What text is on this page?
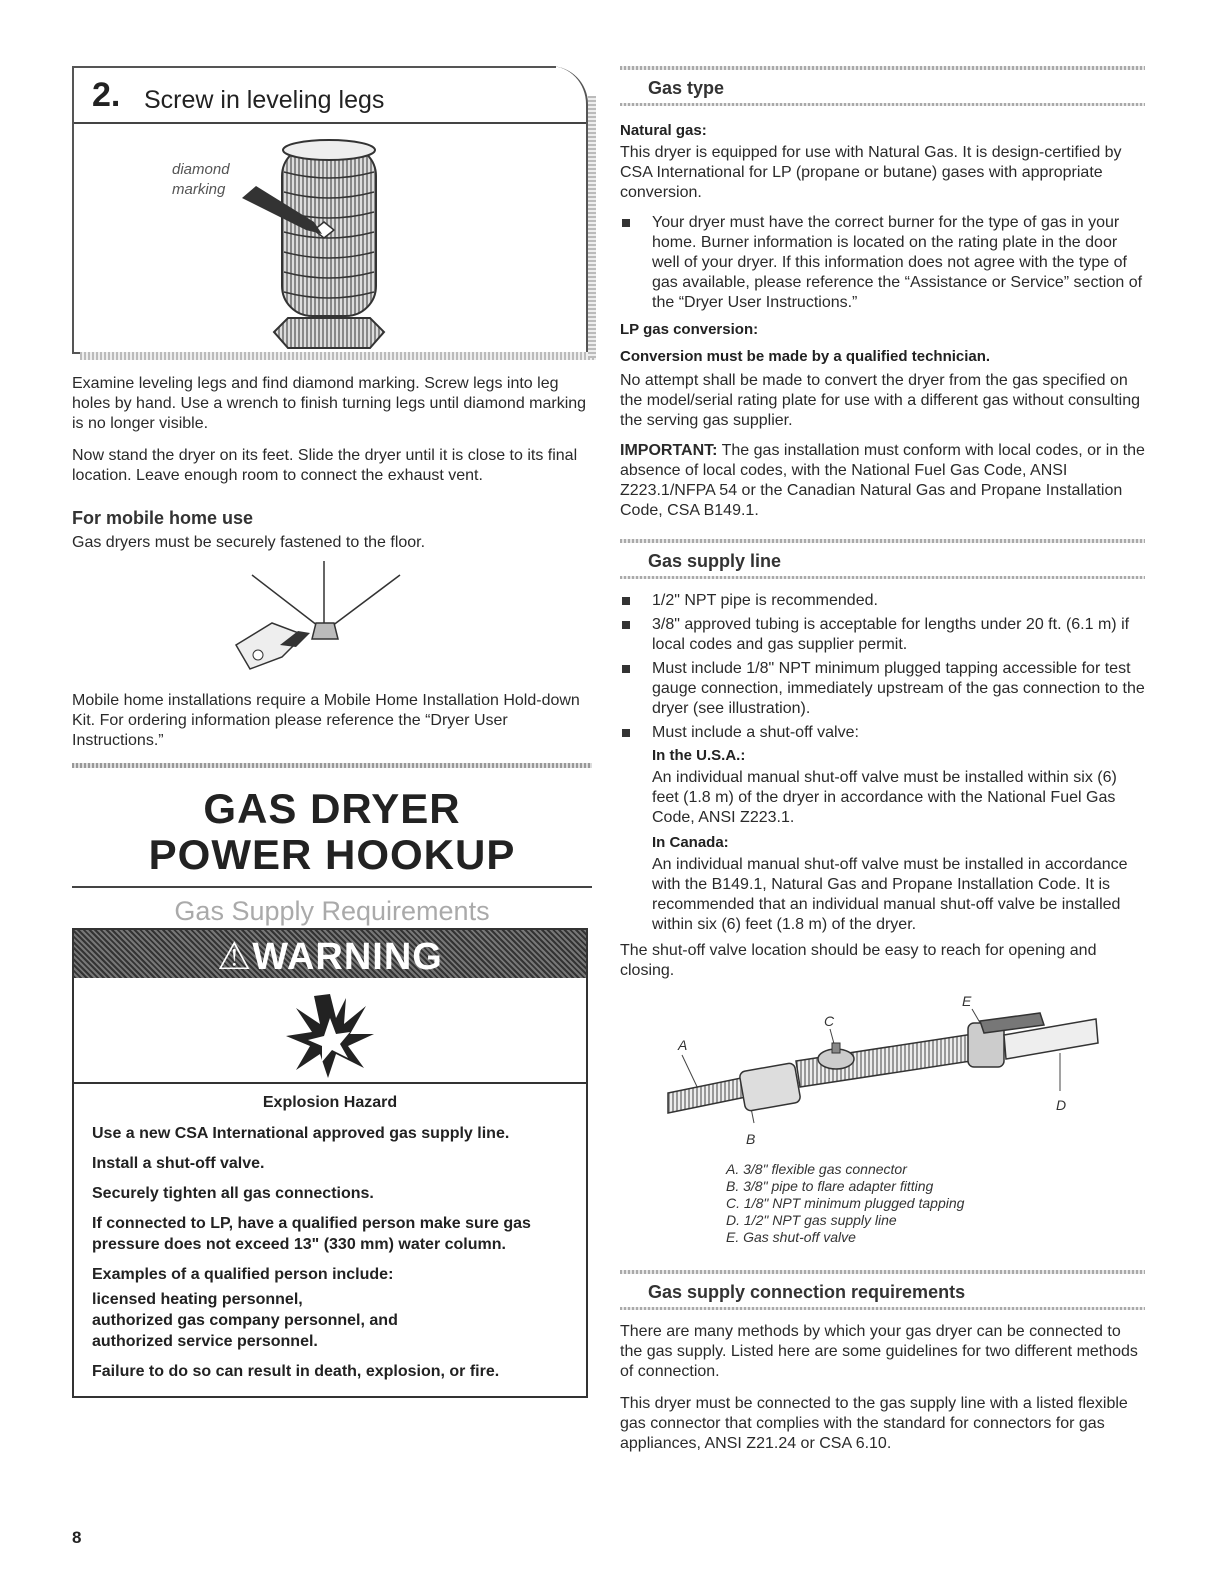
2. Screw in leveling legs
diamond
marking

Examine leveling legs and find diamond marking. Screw legs into leg holes by hand. Use a wrench to finish turning legs until diamond marking is no longer visible.

Now stand the dryer on its feet. Slide the dryer until it is close to its final location. Leave enough room to connect the exhaust vent.

For mobile home use

Gas dryers must be securely fastened to the floor.

Mobile home installations require a Mobile Home Installation Hold-down Kit. For ordering information please reference the “Dryer User Instructions.”

GAS DRYER POWER HOOKUP
Gas Supply Requirements
⚠WARNING
Explosion Hazard
Use a new CSA International approved gas supply line.
Install a shut-off valve.
Securely tighten all gas connections.
If connected to LP, have a qualified person make sure gas pressure does not exceed 13" (330 mm) water column.
Examples of a qualified person include:
licensed heating personnel,
authorized gas company personnel, and
authorized service personnel.
Failure to do so can result in death, explosion, or fire.
8
Gas type
Natural gas:

This dryer is equipped for use with Natural Gas. It is design-certified by CSA International for LP (propane or butane) gases with appropriate conversion.

Your dryer must have the correct burner for the type of gas in your home. Burner information is located on the rating plate in the door well of your dryer. If this information does not agree with the type of gas available, please reference the “Assistance or Service” section of the “Dryer User Instructions.”

LP gas conversion:
Conversion must be made by a qualified technician.

No attempt shall be made to convert the dryer from the gas specified on the model/serial rating plate for use with a different gas without consulting the serving gas supplier.

IMPORTANT: The gas installation must conform with local codes, or in the absence of local codes, with the National Fuel Gas Code, ANSI Z223.1/NFPA 54 or the Canadian Natural Gas and Propane Installation Code, CSA B149.1.

Gas supply line

1/2" NPT pipe is recommended.

3/8" approved tubing is acceptable for lengths under 20 ft. (6.1 m) if local codes and gas supplier permit.

Must include 1/8" NPT minimum plugged tapping accessible for test gauge connection, immediately upstream of the gas connection to the dryer (see illustration).

Must include a shut-off valve:

In the U.S.A.:

An individual manual shut-off valve must be installed within six (6) feet (1.8 m) of the dryer in accordance with the National Fuel Gas Code, ANSI Z223.1.

In Canada:

An individual manual shut-off valve must be installed in accordance with the B149.1, Natural Gas and Propane Installation Code. It is recommended that an individual manual shut-off valve be installed within six (6) feet (1.8 m) of the dryer.

The shut-off valve location should be easy to reach for opening and closing.

A
B
C
D
E
A. 3/8" flexible gas connector
B. 3/8" pipe to flare adapter fitting
C. 1/8" NPT minimum plugged tapping
D. 1/2" NPT gas supply line
E. Gas shut-off valve
Gas supply connection requirements

There are many methods by which your gas dryer can be connected to the gas supply. Listed here are some guidelines for two different methods of connection.

This dryer must be connected to the gas supply line with a listed flexible gas connector that complies with the standard for connectors for gas appliances, ANSI Z21.24 or CSA 6.10.
